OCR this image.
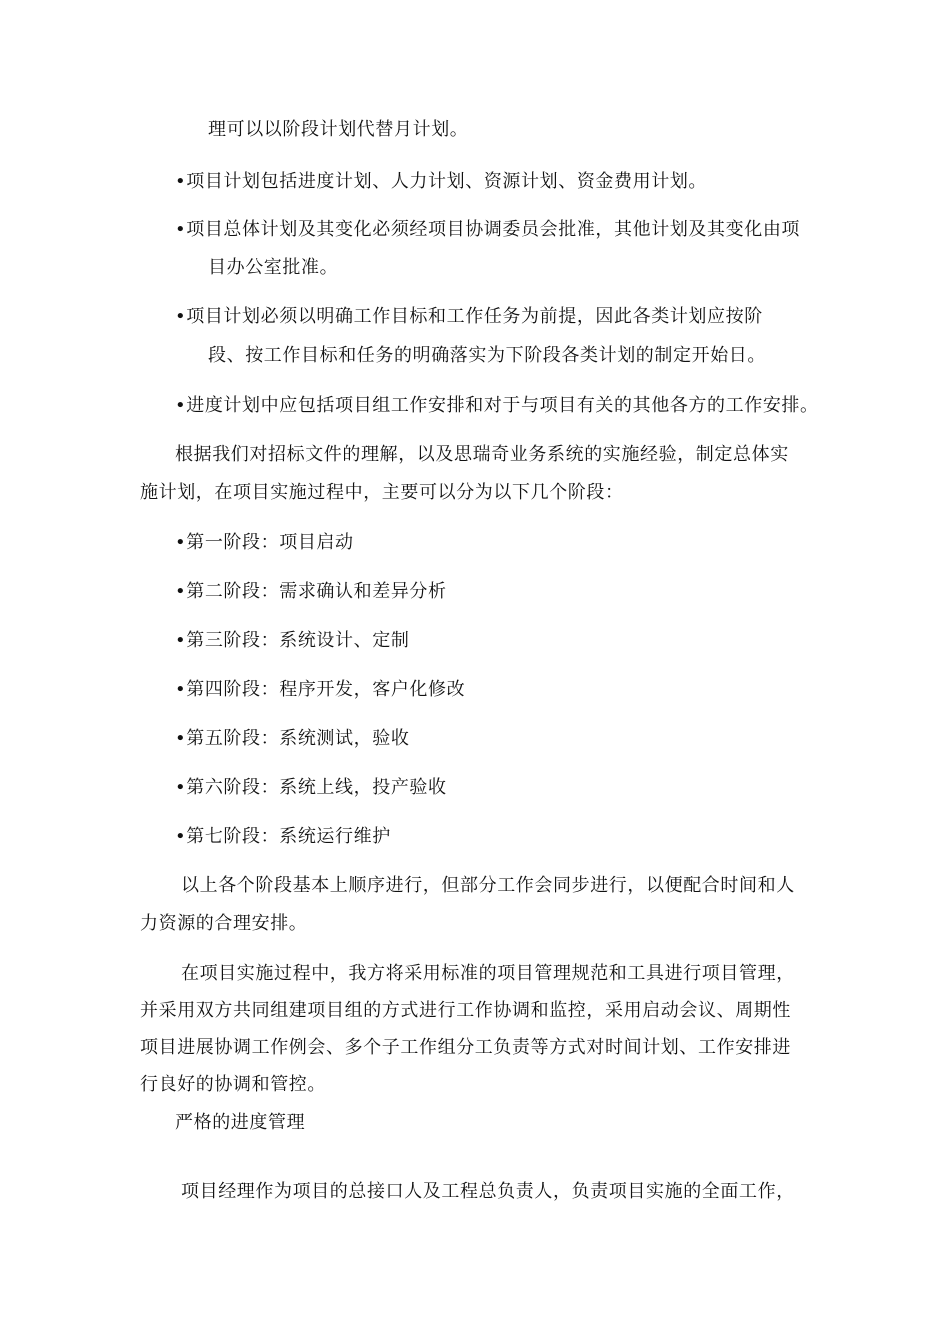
理可以以阶段计划代替月计划。
•项目计划包括进度计划、人力计划、资源计划、资金费用计划。
•项目总体计划及其变化必须经项目协调委员会批准，其他计划及其变化由项
目办公室批准。
•项目计划必须以明确工作目标和工作任务为前提，因此各类计划应按阶
段、按工作目标和任务的明确落实为下阶段各类计划的制定开始日。
•进度计划中应包括项目组工作安排和对于与项目有关的其他各方的工作安排。
根据我们对招标文件的理解，以及思瑞奇业务系统的实施经验，制定总体实
施计划，在项目实施过程中，主要可以分为以下几个阶段：
•第一阶段：项目启动
•第二阶段：需求确认和差异分析
•第三阶段：系统设计、定制
•第四阶段：程序开发，客户化修改
•第五阶段：系统测试，验收
•第六阶段：系统上线，投产验收
•第七阶段：系统运行维护
以上各个阶段基本上顺序进行，但部分工作会同步进行，以便配合时间和人
力资源的合理安排。
在项目实施过程中，我方将采用标准的项目管理规范和工具进行项目管理，
并采用双方共同组建项目组的方式进行工作协调和监控，采用启动会议、周期性
项目进展协调工作例会、多个子工作组分工负责等方式对时间计划、工作安排进
行良好的协调和管控。
严格的进度管理
项目经理作为项目的总接口人及工程总负责人，负责项目实施的全面工作，
